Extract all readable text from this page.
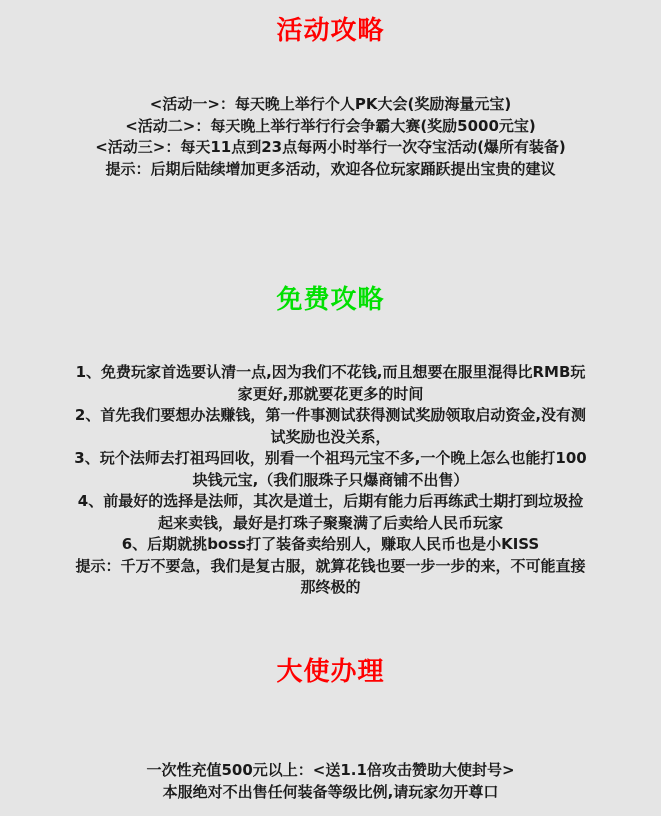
活动攻略

<活动一>：每天晚上举行个人PK大会(奖励海量元宝)

<活动二>：每天晚上举行举行行会争霸大赛(奖励5000元宝)

<活动三>：每天11点到23点每两小时举行一次夺宝活动(爆所有装备)

提示：后期后陆续增加更多活动，欢迎各位玩家踊跃提出宝贵的建议

免费攻略

1、免费玩家首选要认清一点,因为我们不花钱,而且想要在服里混得比RMB玩

家更好,那就要花更多的时间

2、首先我们要想办法赚钱，第一件事测试获得测试奖励领取启动资金,没有测

试奖励也没关系，

3、玩个法师去打祖玛回收，别看一个祖玛元宝不多,一个晚上怎么也能打100

块钱元宝,（我们服珠子只爆商铺不出售）

4、前最好的选择是法师，其次是道士，后期有能力后再练武士期打到垃圾捡

起来卖钱，最好是打珠子聚聚满了后卖给人民币玩家

6、后期就挑boss打了装备卖给别人，赚取人民币也是小KISS

提示：千万不要急，我们是复古服，就算花钱也要一步一步的来，不可能直接

那终极的

大使办理

一次性充值500元以上：<送1.1倍攻击赞助大使封号>

本服绝对不出售任何装备等级比例,请玩家勿开尊口
